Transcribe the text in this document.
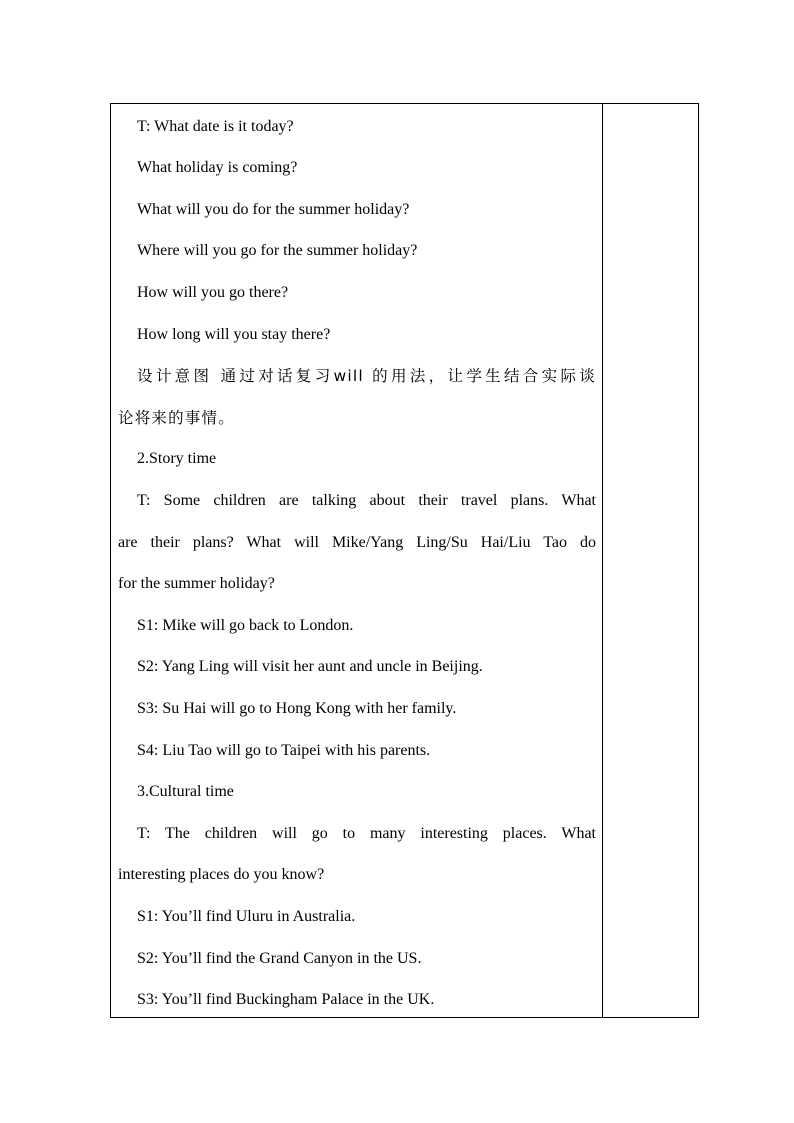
T: What date is it today?
What holiday is coming?
What will you do for the summer holiday?
Where will you go for the summer holiday?
How will you go there?
How long will you stay there?
设计意图 通过对话复习will 的用法，让学生结合实际谈
论将来的事情。
2.Story time
T: Some children are talking about their travel plans. What
are their plans? What will Mike/Yang Ling/Su Hai/Liu Tao do
for the summer holiday?
S1: Mike will go back to London.
S2: Yang Ling will visit her aunt and uncle in Beijing.
S3: Su Hai will go to Hong Kong with her family.
S4: Liu Tao will go to Taipei with his parents.
3.Cultural time
T: The children will go to many interesting places. What
interesting places do you know?
S1: You’ll find Uluru in Australia.
S2: You’ll find the Grand Canyon in the US.
S3: You’ll find Buckingham Palace in the UK.
